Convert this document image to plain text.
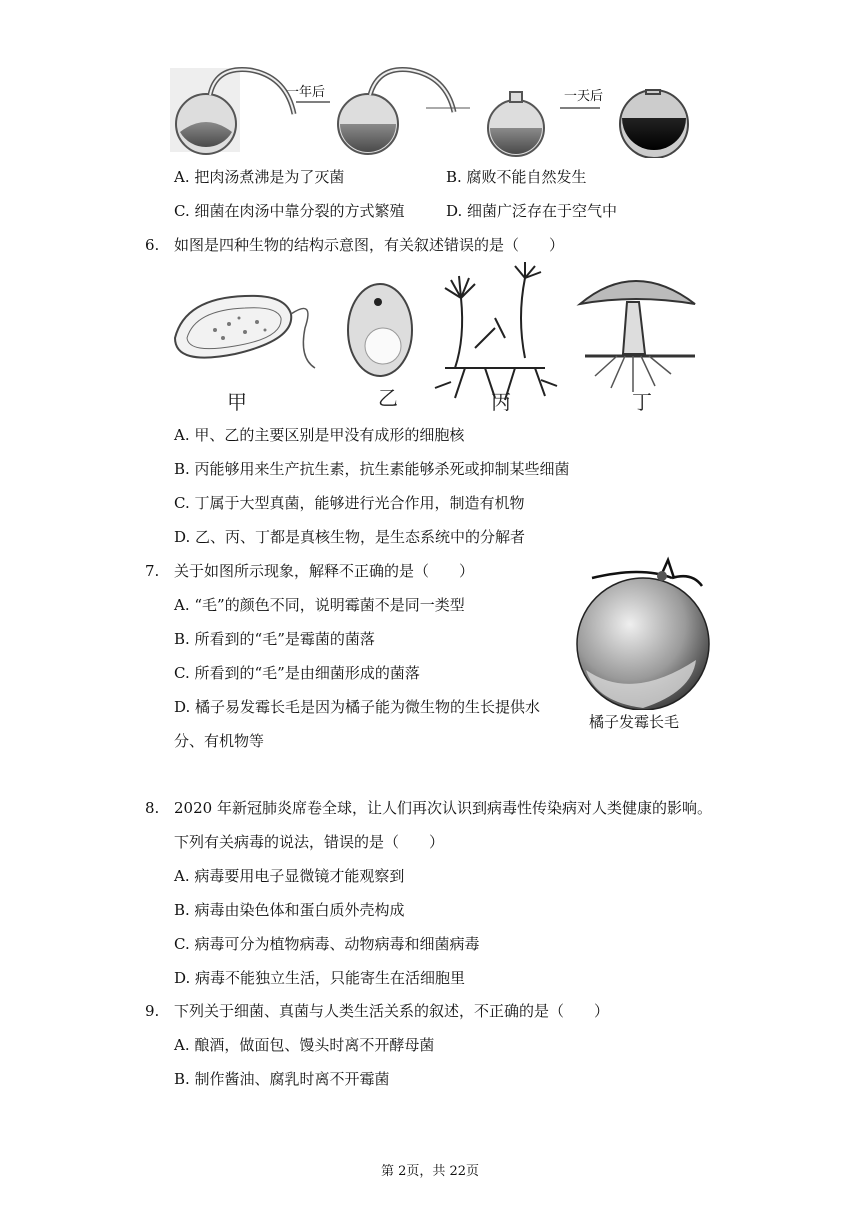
一年后	一天后
A. 把肉汤煮沸是为了灭菌	B. 腐败不能自然发生
C. 细菌在肉汤中靠分裂的方式繁殖	D. 细菌广泛存在于空气中
6. 如图是四种生物的结构示意图，有关叙述错误的是（　　）
甲	乙	丙	丁
A. 甲、乙的主要区别是甲没有成形的细胞核
B. 丙能够用来生产抗生素，抗生素能够杀死或抑制某些细菌
C. 丁属于大型真菌，能够进行光合作用，制造有机物
D. 乙、丙、丁都是真核生物，是生态系统中的分解者
7. 关于如图所示现象，解释不正确的是（　　）
A. “毛”的颜色不同，说明霉菌不是同一类型
B. 所看到的“毛”是霉菌的菌落
C. 所看到的“毛”是由细菌形成的菌落
D. 橘子易发霉长毛是因为橘子能为微生物的生长提供水
分、有机物等
橘子发霉长毛
8. 2020 年新冠肺炎席卷全球，让人们再次认识到病毒性传染病对人类健康的影响。
下列有关病毒的说法，错误的是（　　）
A. 病毒要用电子显微镜才能观察到
B. 病毒由染色体和蛋白质外壳构成
C. 病毒可分为植物病毒、动物病毒和细菌病毒
D. 病毒不能独立生活，只能寄生在活细胞里
9. 下列关于细菌、真菌与人类生活关系的叙述，不正确的是（　　）
A. 酿酒，做面包、馒头时离不开酵母菌
B. 制作酱油、腐乳时离不开霉菌
第 2页，共 22页
